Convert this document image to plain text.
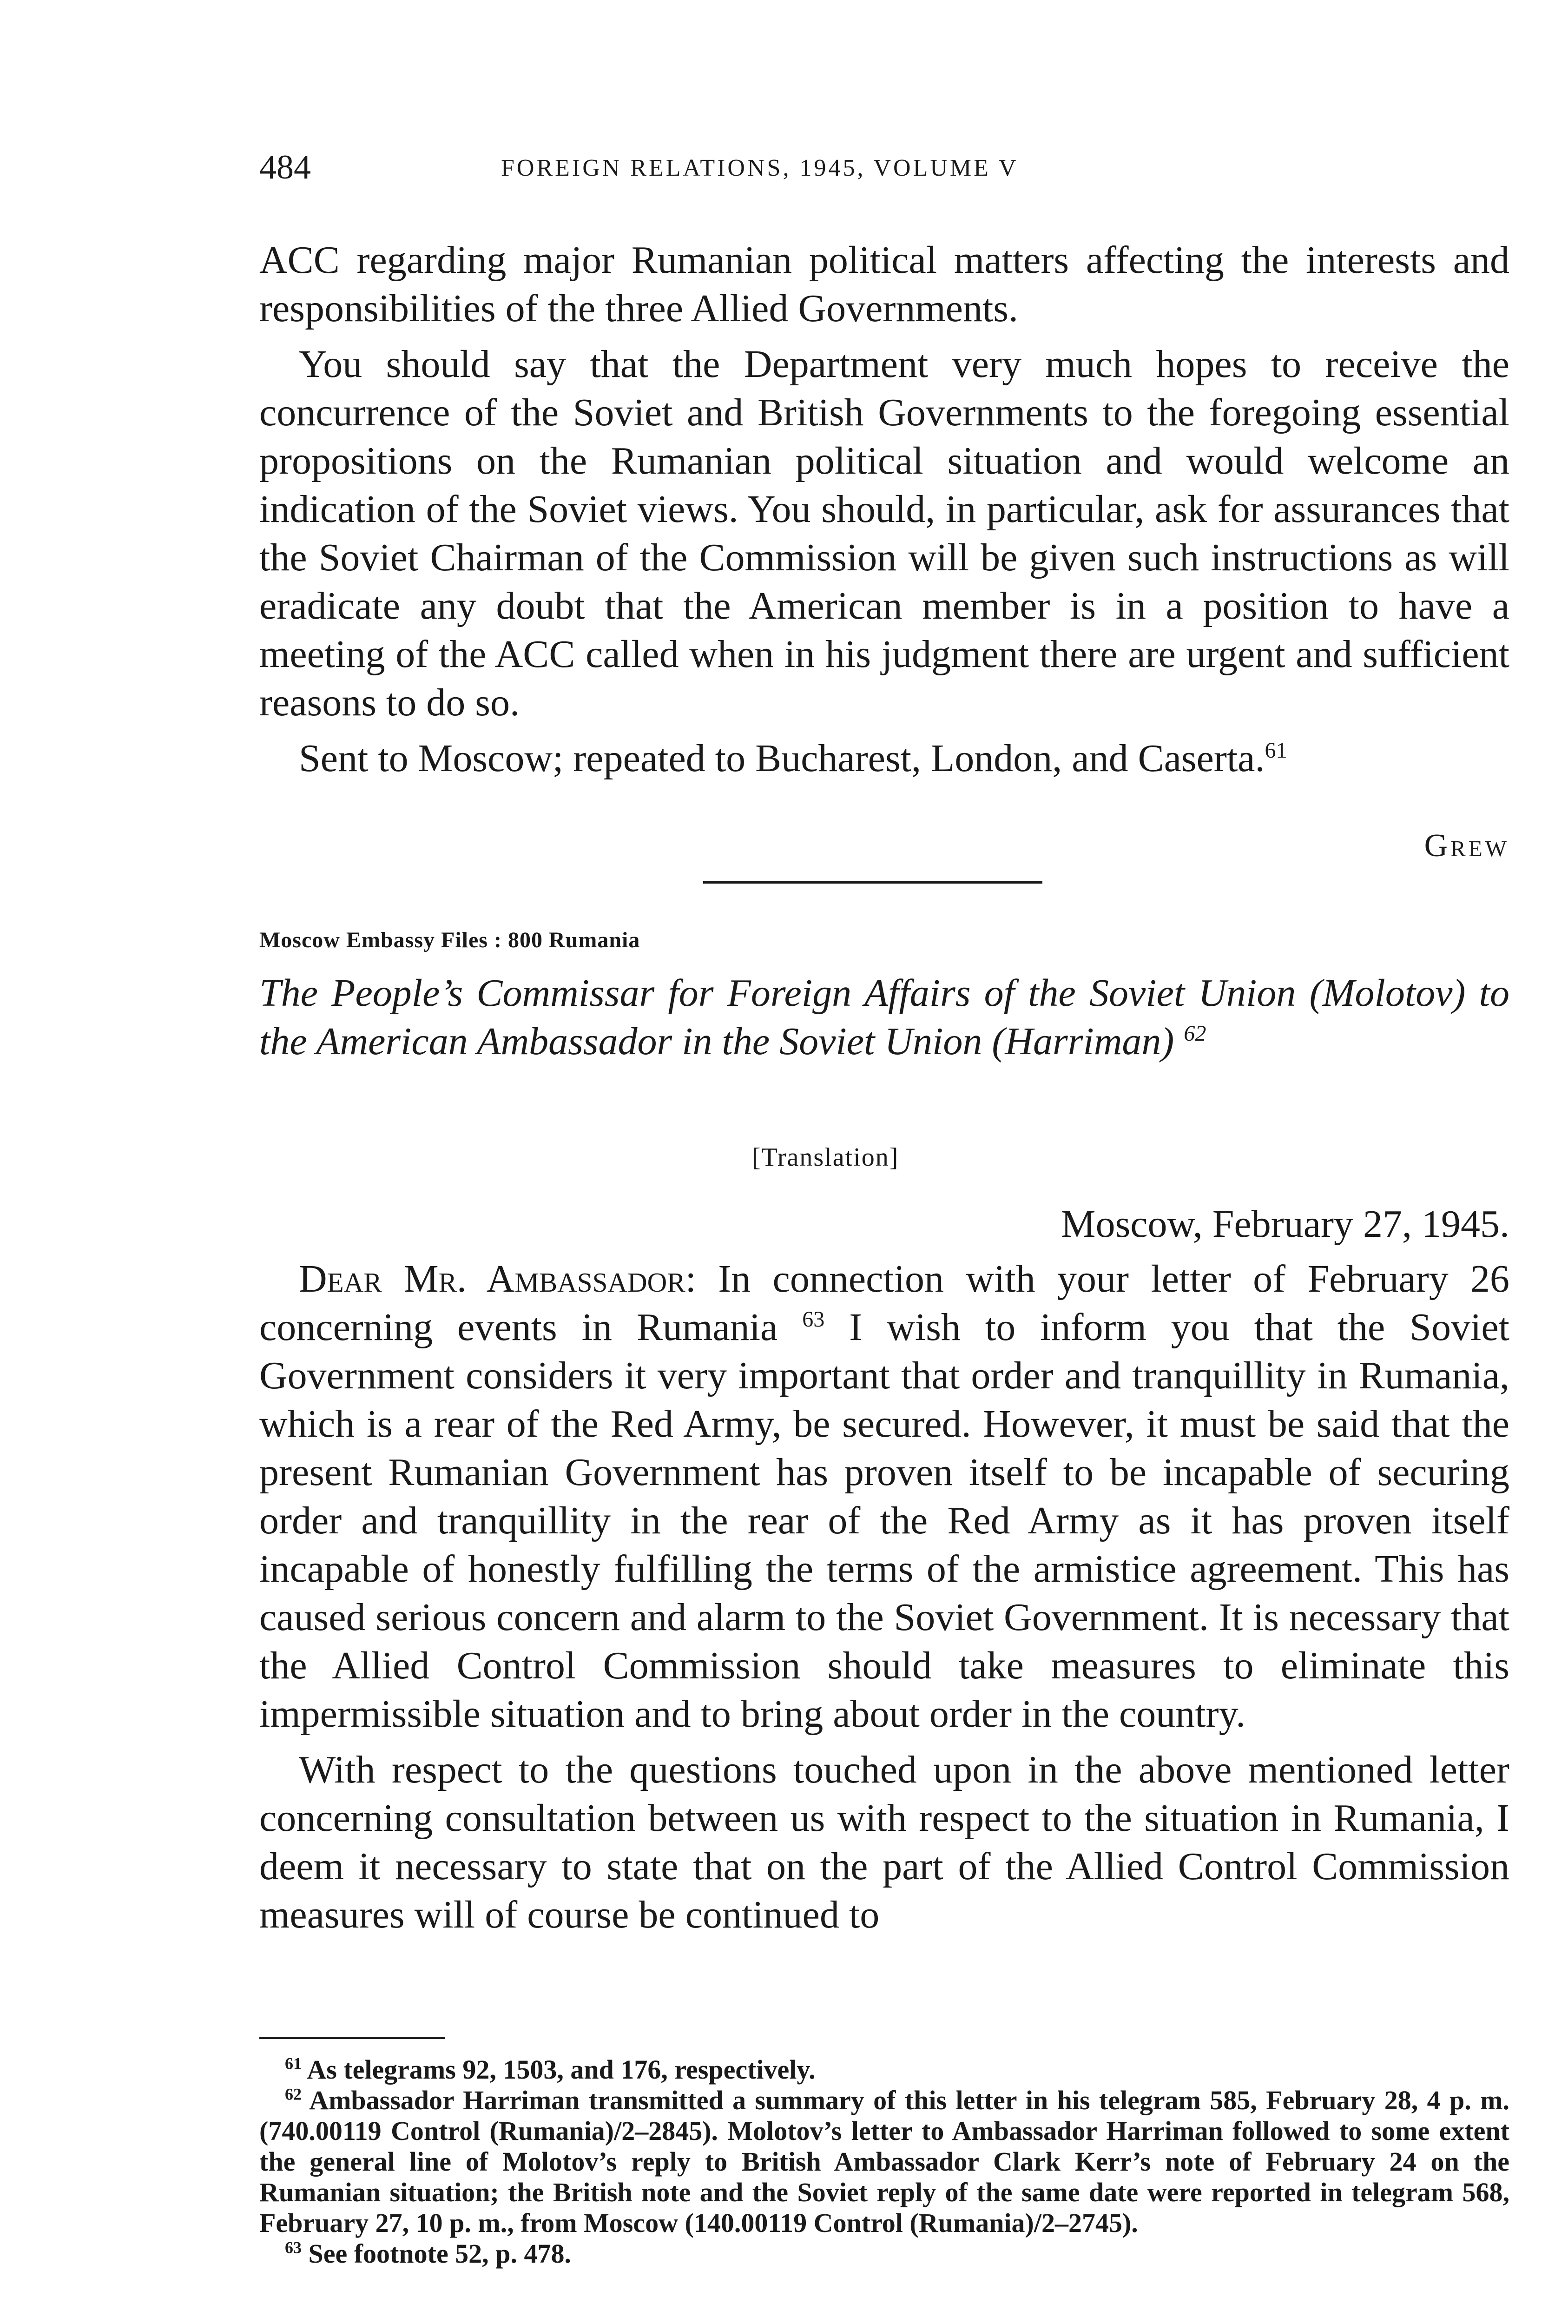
484	FOREIGN RELATIONS, 1945, VOLUME V

ACC regarding major Rumanian political matters affecting the interests and responsibilities of the three Allied Governments.

You should say that the Department very much hopes to receive the concurrence of the Soviet and British Governments to the foregoing essential propositions on the Rumanian political situation and would welcome an indication of the Soviet views. You should, in particular, ask for assurances that the Soviet Chairman of the Commission will be given such instructions as will eradicate any doubt that the American member is in a position to have a meeting of the ACC called when in his judgment there are urgent and sufficient reasons to do so.

Sent to Moscow; repeated to Bucharest, London, and Caserta.$^{61}$

Grew
Moscow Embassy Files : 800 Rumania
The People’s Commissar for Foreign Affairs of the Soviet Union (Molotov) to the American Ambassador in the Soviet Union (Harriman) $^{62}$
[Translation]
Moscow, February 27, 1945.

Dear Mr. Ambassador: In connection with your letter of February 26 concerning events in Rumania $^{63}$ I wish to inform you that the Soviet Government considers it very important that order and tranquillity in Rumania, which is a rear of the Red Army, be secured. However, it must be said that the present Rumanian Government has proven itself to be incapable of securing order and tranquillity in the rear of the Red Army as it has proven itself incapable of honestly fulfilling the terms of the armistice agreement. This has caused serious concern and alarm to the Soviet Government. It is necessary that the Allied Control Commission should take measures to eliminate this impermissible situation and to bring about order in the country.

With respect to the questions touched upon in the above mentioned letter concerning consultation between us with respect to the situation in Rumania, I deem it necessary to state that on the part of the Allied Control Commission measures will of course be continued to

$^{61}$ As telegrams 92, 1503, and 176, respectively.

$^{62}$ Ambassador Harriman transmitted a summary of this letter in his telegram 585, February 28, 4 p. m. (740.00119 Control (Rumania)/2–2845). Molotov’s letter to Ambassador Harriman followed to some extent the general line of Molotov’s reply to British Ambassador Clark Kerr’s note of February 24 on the Rumanian situation; the British note and the Soviet reply of the same date were reported in telegram 568, February 27, 10 p. m., from Moscow (140.00119 Control (Rumania)/2–2745).

$^{63}$ See footnote 52, p. 478.
